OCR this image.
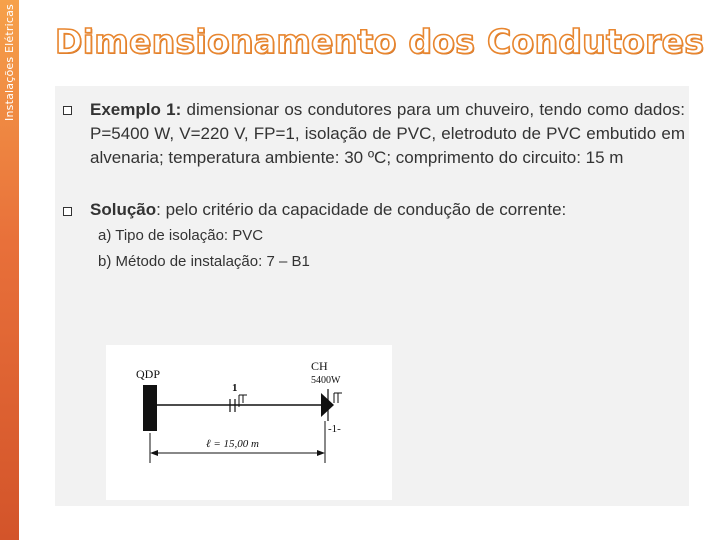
Instalações Elétricas Dimensionamento dos Condutores
Exemplo 1: dimensionar os condutores para um chuveiro, tendo como dados: P=5400 W, V=220 V, FP=1, isolação de PVC, eletroduto de PVC embutido em alvenaria; temperatura ambiente: 30 ºC; comprimento do circuito: 15 m
Solução: pelo critério da capacidade de condução de corrente:
a) Tipo de isolação: PVC
b) Método de instalação: 7 – B1
QDP
1
CH
5400W
-1-
ℓ = 15,00 m
